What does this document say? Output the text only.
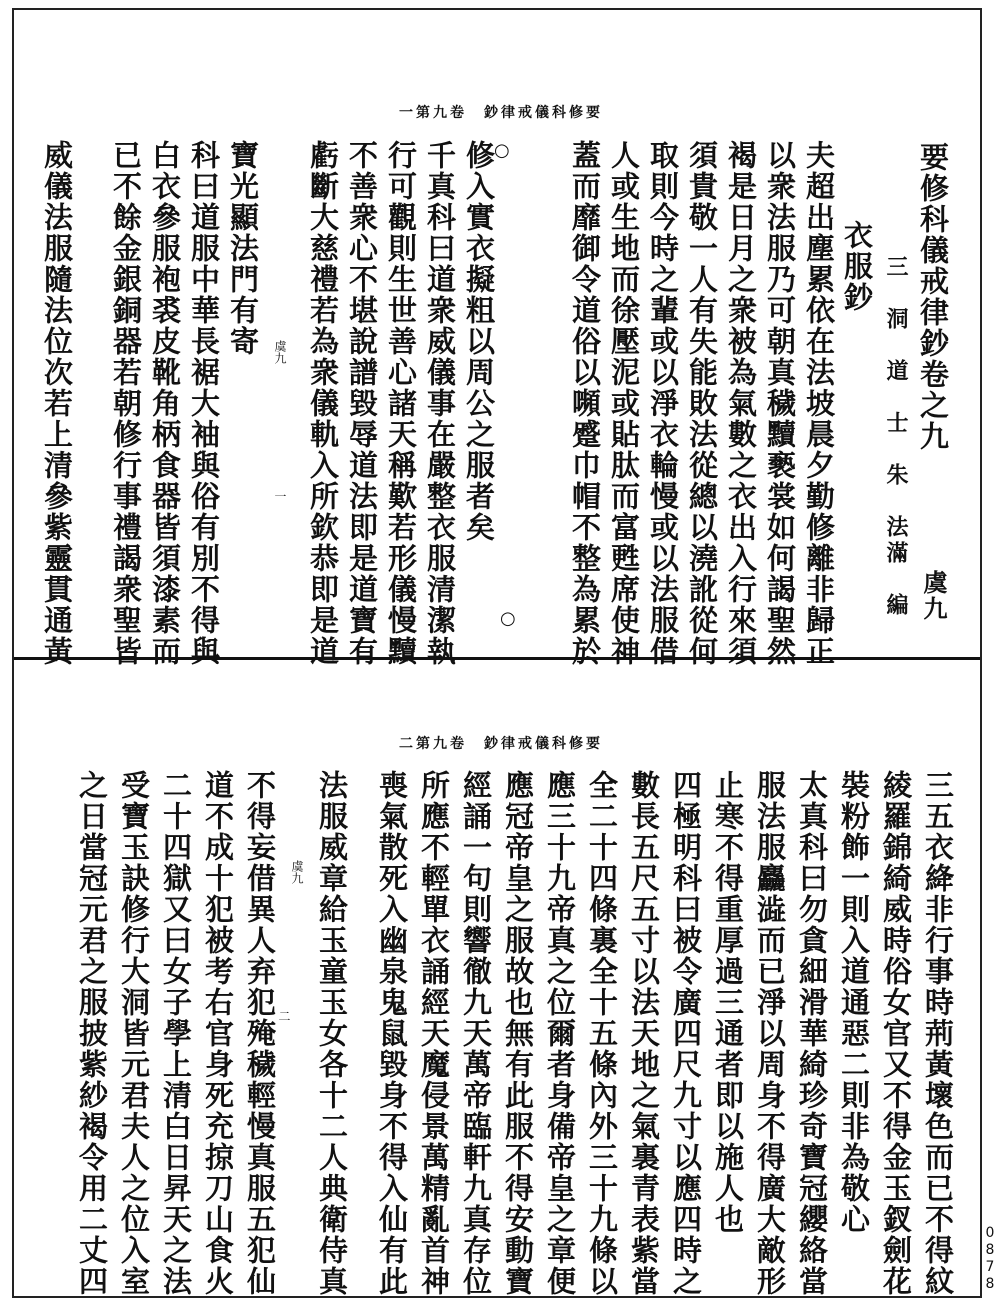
一第九卷　鈔律戒儀科修要
要修科儀戒律鈔卷之九
虞九
三　洞　道　士　朱　法滿　編
衣服鈔
夫超出塵累依在法坡晨夕勤修離非歸正
以衆法服乃可朝真穢黷褻裳如何謁聖然
褐是日月之衆被為氣數之衣出入行來須
須貴敬一人有失能敗法從總以澆訛從何
取則今時之輩或以淨衣輪慢或以法服借
人或生地而徐壓泥或貼肽而富甦席使神
蓋而靡御令道俗以嚬蹙巾帽不整為累於
○
○
修入實衣擬粗以周公之服者矣
千真科曰道衆威儀事在嚴整衣服清潔執
行可觀則生世善心諸天稱歎若形儀慢黷
不善衆心不堪說譜毀辱道法即是道寶有
虧斷大慈禮若為衆儀軌入所欽恭即是道
虞九
一
寶光顯法門有寄
科曰道服中華長裾大袖與俗有別不得與
白衣參服袍裘皮靴角柄食器皆須漆素而
已不餘金銀銅器若朝修行事禮謁衆聖皆
威儀法服隨法位次若上清參紫靈貫通黃
二第九卷　鈔律戒儀科修要
三五衣絳非行事時荊黃壞色而已不得紋
綾羅錦綺威時俗女官又不得金玉釵劍花
裝粉飾一則入道通惡二則非為敬心
太真科曰勿貪細滑華綺珍奇寶冠纓絡當
服法服麤澁而已淨以周身不得廣大敵形
止寒不得重厚過三通者即以施人也
四極明科曰被令廣四尺九寸以應四時之
數長五尺五寸以法天地之氣裏青表紫當
全二十四條裏全十五條內外三十九條以
應三十九帝真之位爾者身備帝皇之章便
應冠帝皇之服故也無有此服不得安動寶
經誦一句則響徹九天萬帝臨軒九真存位
所應不輕單衣誦經天魔侵景萬精亂首神
喪氣散死入幽泉鬼鼠毀身不得入仙有此
法服威章給玉童玉女各十二人典衛侍真
虞九
二
不得妄借異人弃犯殗穢輕慢真服五犯仙
道不成十犯被考右官身死充掠刀山食火
二十四獄又曰女子學上清白日昇天之法
受寶玉訣修行大洞皆元君夫人之位入室
之日當冠元君之服披紫紗褐令用二丈四	0878
